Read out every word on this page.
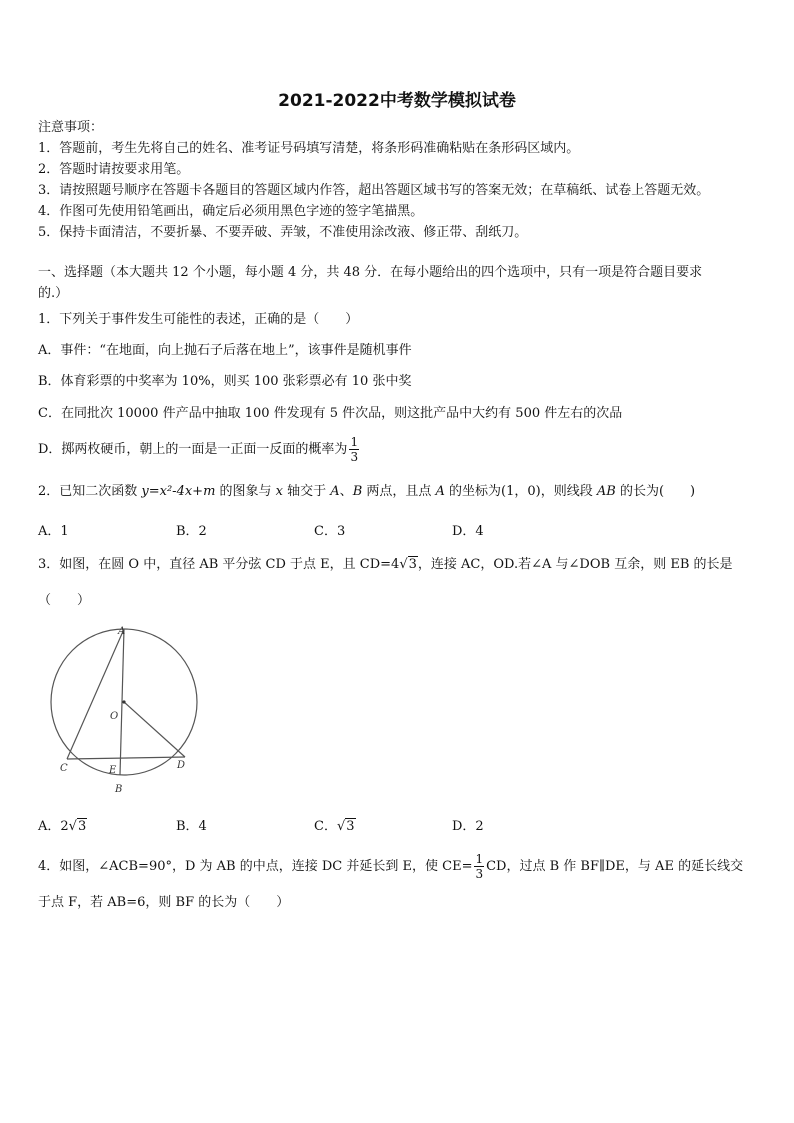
2021-2022中考数学模拟试卷
注意事项：
1．答题前，考生先将自己的姓名、准考证号码填写清楚，将条形码准确粘贴在条形码区域内。
2．答题时请按要求用笔。
3．请按照题号顺序在答题卡各题目的答题区域内作答，超出答题区域书写的答案无效；在草稿纸、试卷上答题无效。
4．作图可先使用铅笔画出，确定后必须用黑色字迹的签字笔描黑。
5．保持卡面清洁，不要折暴、不要弄破、弄皱，不准使用涂改液、修正带、刮纸刀。
一、选择题（本大题共 12 个小题，每小题 4 分，共 48 分．在每小题给出的四个选项中，只有一项是符合题目要求
的.）
1．下列关于事件发生可能性的表述，正确的是（　　）
A．事件：“在地面，向上抛石子后落在地上”，该事件是随机事件
B．体育彩票的中奖率为 10%，则买 100 张彩票必有 10 张中奖
C．在同批次 10000 件产品中抽取 100 件发现有 5 件次品，则这批产品中大约有 500 件左右的次品
D．掷两枚硬币，朝上的一面是一正面一反面的概率为 $\frac{1}{3}$
2．已知二次函数 y=x²-4x+m 的图象与 x 轴交于 A、B 两点，且点 A 的坐标为(1，0)，则线段 AB 的长为(　　)
A．1	B．2	C．3	D．4
3．如图，在圆 O 中，直径 AB 平分弦 CD 于点 E，且 CD=4√3，连接 AC，OD.若∠A 与∠DOB 互余，则 EB 的长是
（　　）
A
O
C	E	D
B
A．2√3	B．4	C．√3	D．2
4．如图，∠ACB=90°，D 为 AB 的中点，连接 DC 并延长到 E，使 $CE= \frac{1}{3}$ CD，过点 B 作 BF∥DE，与 AE 的延长线交
于点 F，若 AB=6，则 BF 的长为（　　）
